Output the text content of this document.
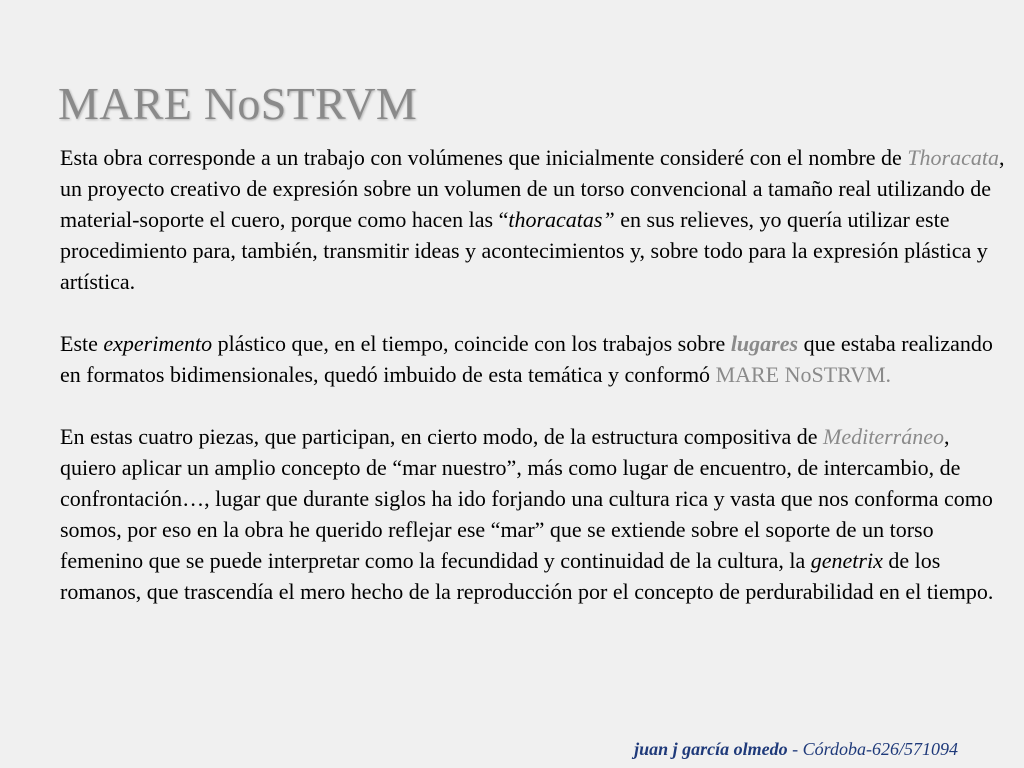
MARE NoSTRVM

Esta obra corresponde a un trabajo con volúmenes que inicialmente consideré con el nombre de Thoracata, un proyecto creativo de expresión sobre un volumen de un torso convencional a tamaño real utilizando de material-soporte el cuero, porque como hacen las “thoracatas” en sus relieves, yo quería utilizar este procedimiento para, también, transmitir ideas y acontecimientos y, sobre todo para la expresión plástica y artística.

Este experimento plástico que, en el tiempo, coincide con los trabajos sobre lugares que estaba realizando en formatos bidimensionales, quedó imbuido de esta temática y conformó MARE NoSTRVM.

En estas cuatro piezas, que participan, en cierto modo, de la estructura compositiva de Mediterráneo, quiero aplicar un amplio concepto de “mar nuestro”, más como lugar de encuentro, de intercambio, de confrontación…, lugar que durante siglos ha ido forjando una cultura rica y vasta que nos conforma como somos, por eso en la obra he querido reflejar ese “mar” que se extiende sobre el soporte de un torso femenino que se puede interpretar como la fecundidad y continuidad de la cultura, la genetrix de los romanos, que trascendía el mero hecho de la reproducción por el concepto de perdurabilidad en el tiempo.

juan j garcía olmedo - Córdoba-626/571094
